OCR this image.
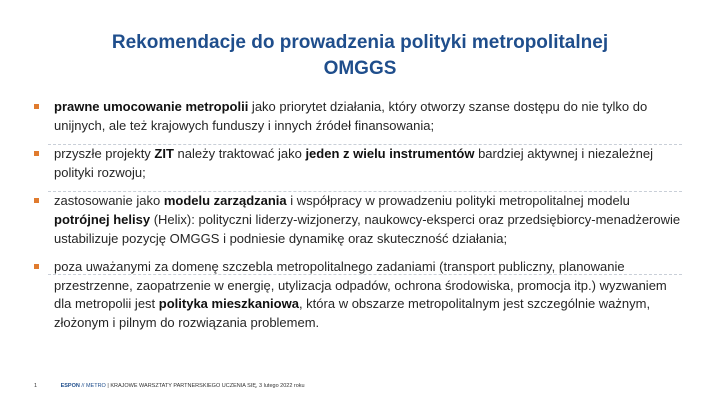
Rekomendacje do prowadzenia polityki metropolitalnej
OMGGS
prawne umocowanie metropolii jako priorytet działania, który otworzy szanse dostępu do nie tylko do unijnych, ale też krajowych funduszy i innych źródeł finansowania;
przyszłe projekty ZIT należy traktować jako jeden z wielu instrumentów bardziej aktywnej i niezależnej polityki rozwoju;
zastosowanie jako modelu zarządzania i współpracy w prowadzeniu polityki metropolitalnej modelu potrójnej helisy (Helix): polityczni liderzy-wizjonerzy, naukowcy-eksperci oraz przedsiębiorcy-menadżerowie ustabilizuje pozycję OMGGS i podniesie dynamikę oraz skuteczność działania;
poza uważanymi za domenę szczebla metropolitalnego zadaniami (transport publiczny, planowanie przestrzenne, zaopatrzenie w energię, utylizacja odpadów, ochrona środowiska, promocja itp.) wyzwaniem dla metropolii jest polityka mieszkaniowa, która w obszarze metropolitalnym jest szczególnie ważnym, złożonym i pilnym do rozwiązania problemem.
1	ESPON // METRO | KRAJOWE WARSZTATY PARTNERSKIEGO UCZENIA SIĘ, 3 lutego 2022 roku
